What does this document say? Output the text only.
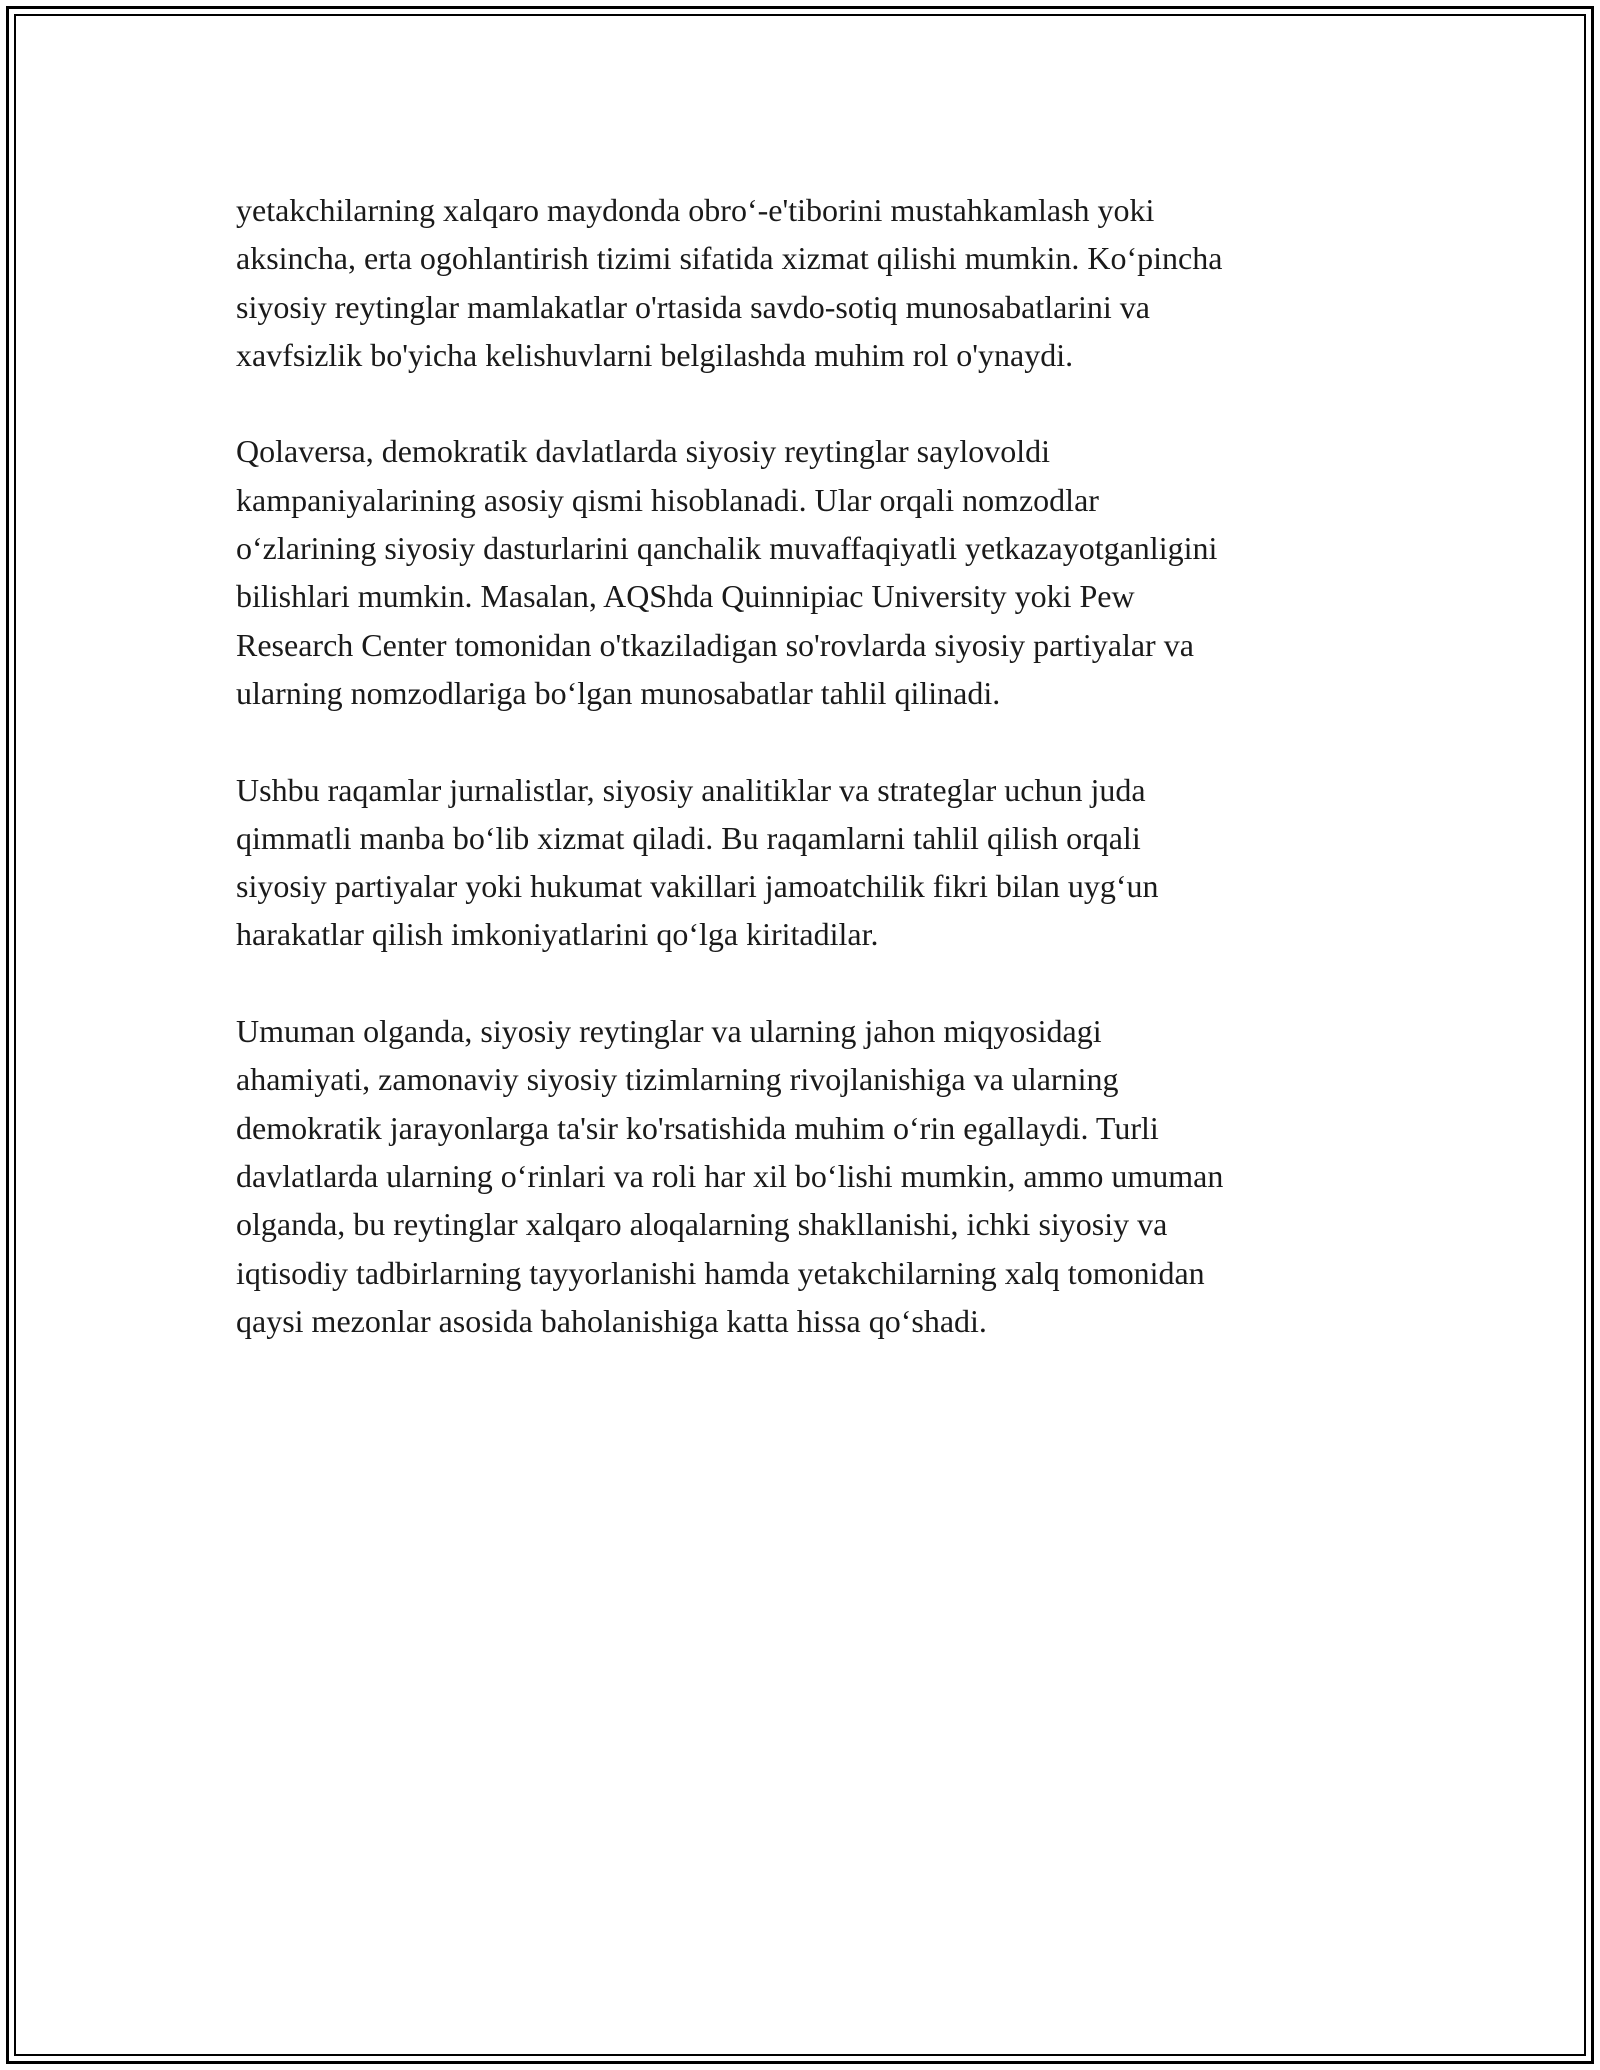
yetakchilarning xalqaro maydonda obro‘-e'tiborini mustahkamlash yoki
aksincha, erta ogohlantirish tizimi sifatida xizmat qilishi mumkin. Ko‘pincha
siyosiy reytinglar mamlakatlar o'rtasida savdo-sotiq munosabatlarini va
xavfsizlik bo'yicha kelishuvlarni belgilashda muhim rol o'ynaydi.

Qolaversa, demokratik davlatlarda siyosiy reytinglar saylovoldi
kampaniyalarining asosiy qismi hisoblanadi. Ular orqali nomzodlar
o‘zlarining siyosiy dasturlarini qanchalik muvaffaqiyatli yetkazayotganligini
bilishlari mumkin. Masalan, AQShda Quinnipiac University yoki Pew
Research Center tomonidan o'tkaziladigan so'rovlarda siyosiy partiyalar va
ularning nomzodlariga bo‘lgan munosabatlar tahlil qilinadi.

Ushbu raqamlar jurnalistlar, siyosiy analitiklar va strateglar uchun juda
qimmatli manba bo‘lib xizmat qiladi. Bu raqamlarni tahlil qilish orqali
siyosiy partiyalar yoki hukumat vakillari jamoatchilik fikri bilan uyg‘un
harakatlar qilish imkoniyatlarini qo‘lga kiritadilar.

Umuman olganda, siyosiy reytinglar va ularning jahon miqyosidagi
ahamiyati, zamonaviy siyosiy tizimlarning rivojlanishiga va ularning
demokratik jarayonlarga ta'sir ko'rsatishida muhim o‘rin egallaydi. Turli
davlatlarda ularning o‘rinlari va roli har xil bo‘lishi mumkin, ammo umuman
olganda, bu reytinglar xalqaro aloqalarning shakllanishi, ichki siyosiy va
iqtisodiy tadbirlarning tayyorlanishi hamda yetakchilarning xalq tomonidan
qaysi mezonlar asosida baholanishiga katta hissa qo‘shadi.
